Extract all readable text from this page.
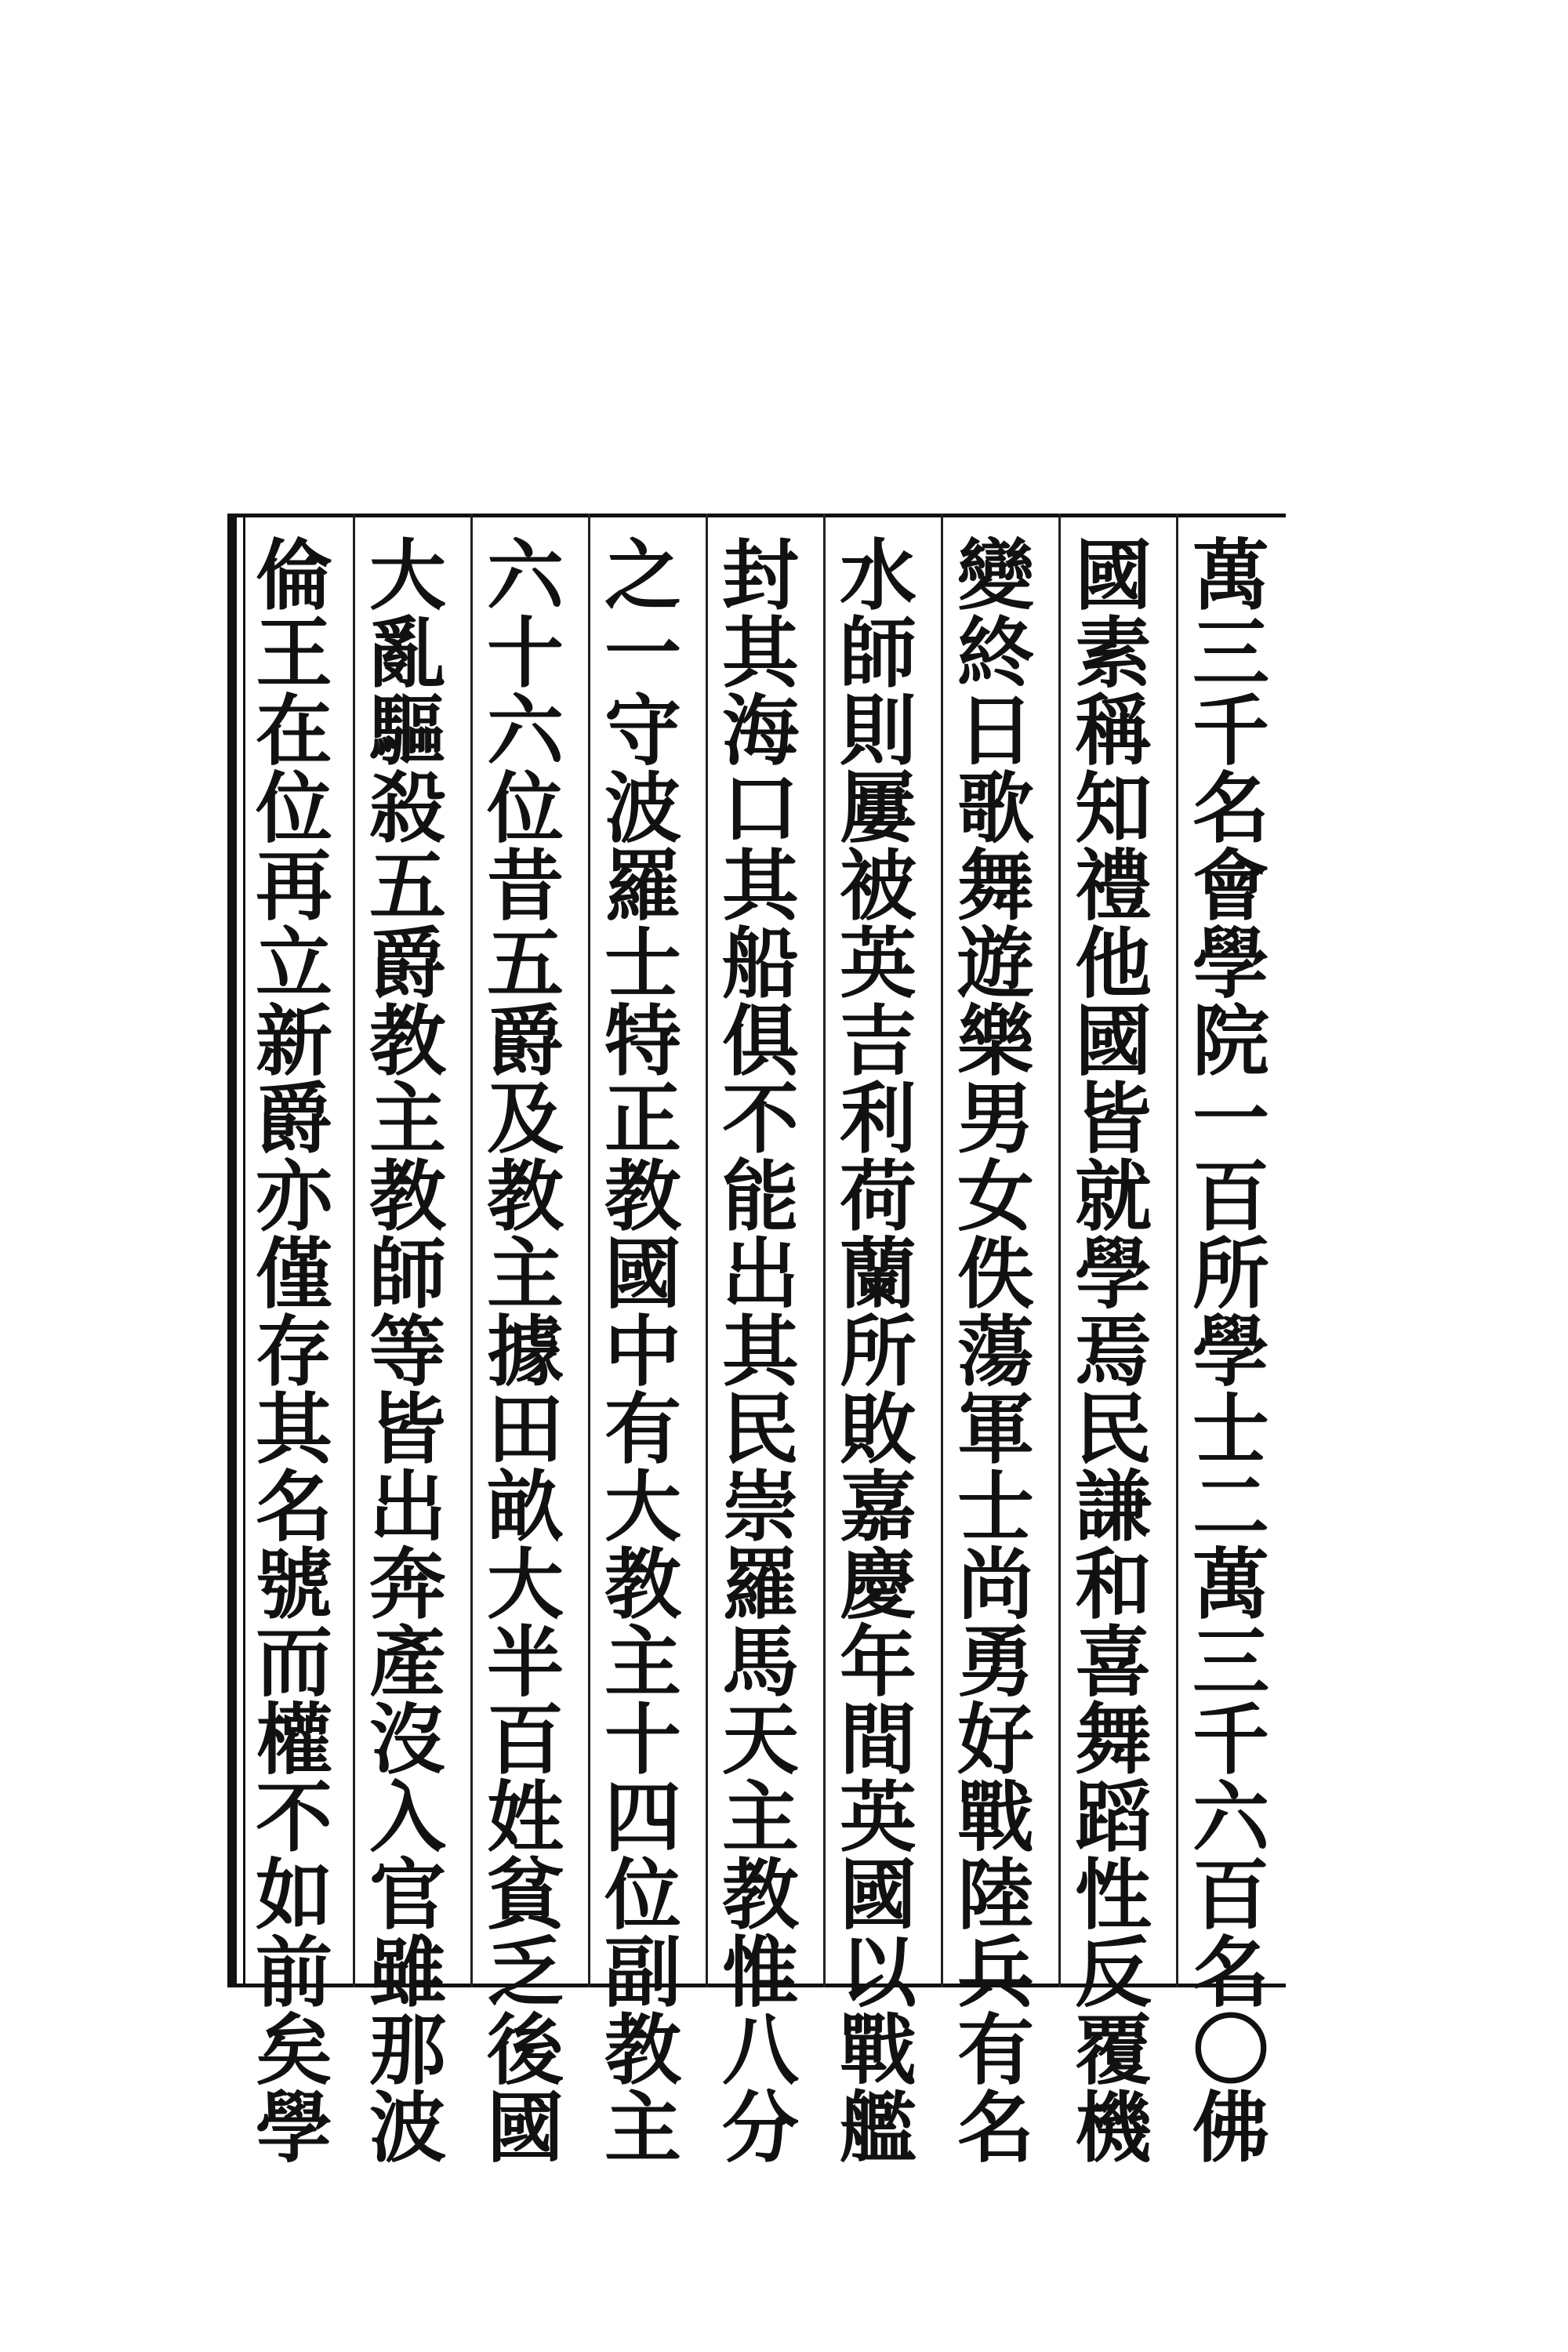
萬
三
千
名
會
學
院
一
百
所
學
士
二
萬
三
千
六
百
名
〇
佛
國
素
稱
知
禮
他
國
皆
就
學
焉
民
謙
和
喜
舞
蹈
性
反
覆
機
變
終
日
歌
舞
遊
樂
男
女
佚
蕩
軍
士
尚
勇
好
戰
陸
兵
有
名
水
師
則
屢
被
英
吉
利
荷
蘭
所
敗
嘉
慶
年
間
英
國
以
戰
艦
封
其
海
口
其
船
俱
不
能
出
其
民
崇
羅
馬
天
主
教
惟
八
分
之
一
守
波
羅
士
特
正
教
國
中
有
大
教
主
十
四
位
副
教
主
六
十
六
位
昔
五
爵
及
教
主
據
田
畝
大
半
百
姓
貧
乏
後
國
大
亂
驅
殺
五
爵
教
主
教
師
等
皆
出
奔
產
沒
入
官
雖
那
波
倫
王
在
位
再
立
新
爵
亦
僅
存
其
名
號
而
權
不
如
前
矣
學
